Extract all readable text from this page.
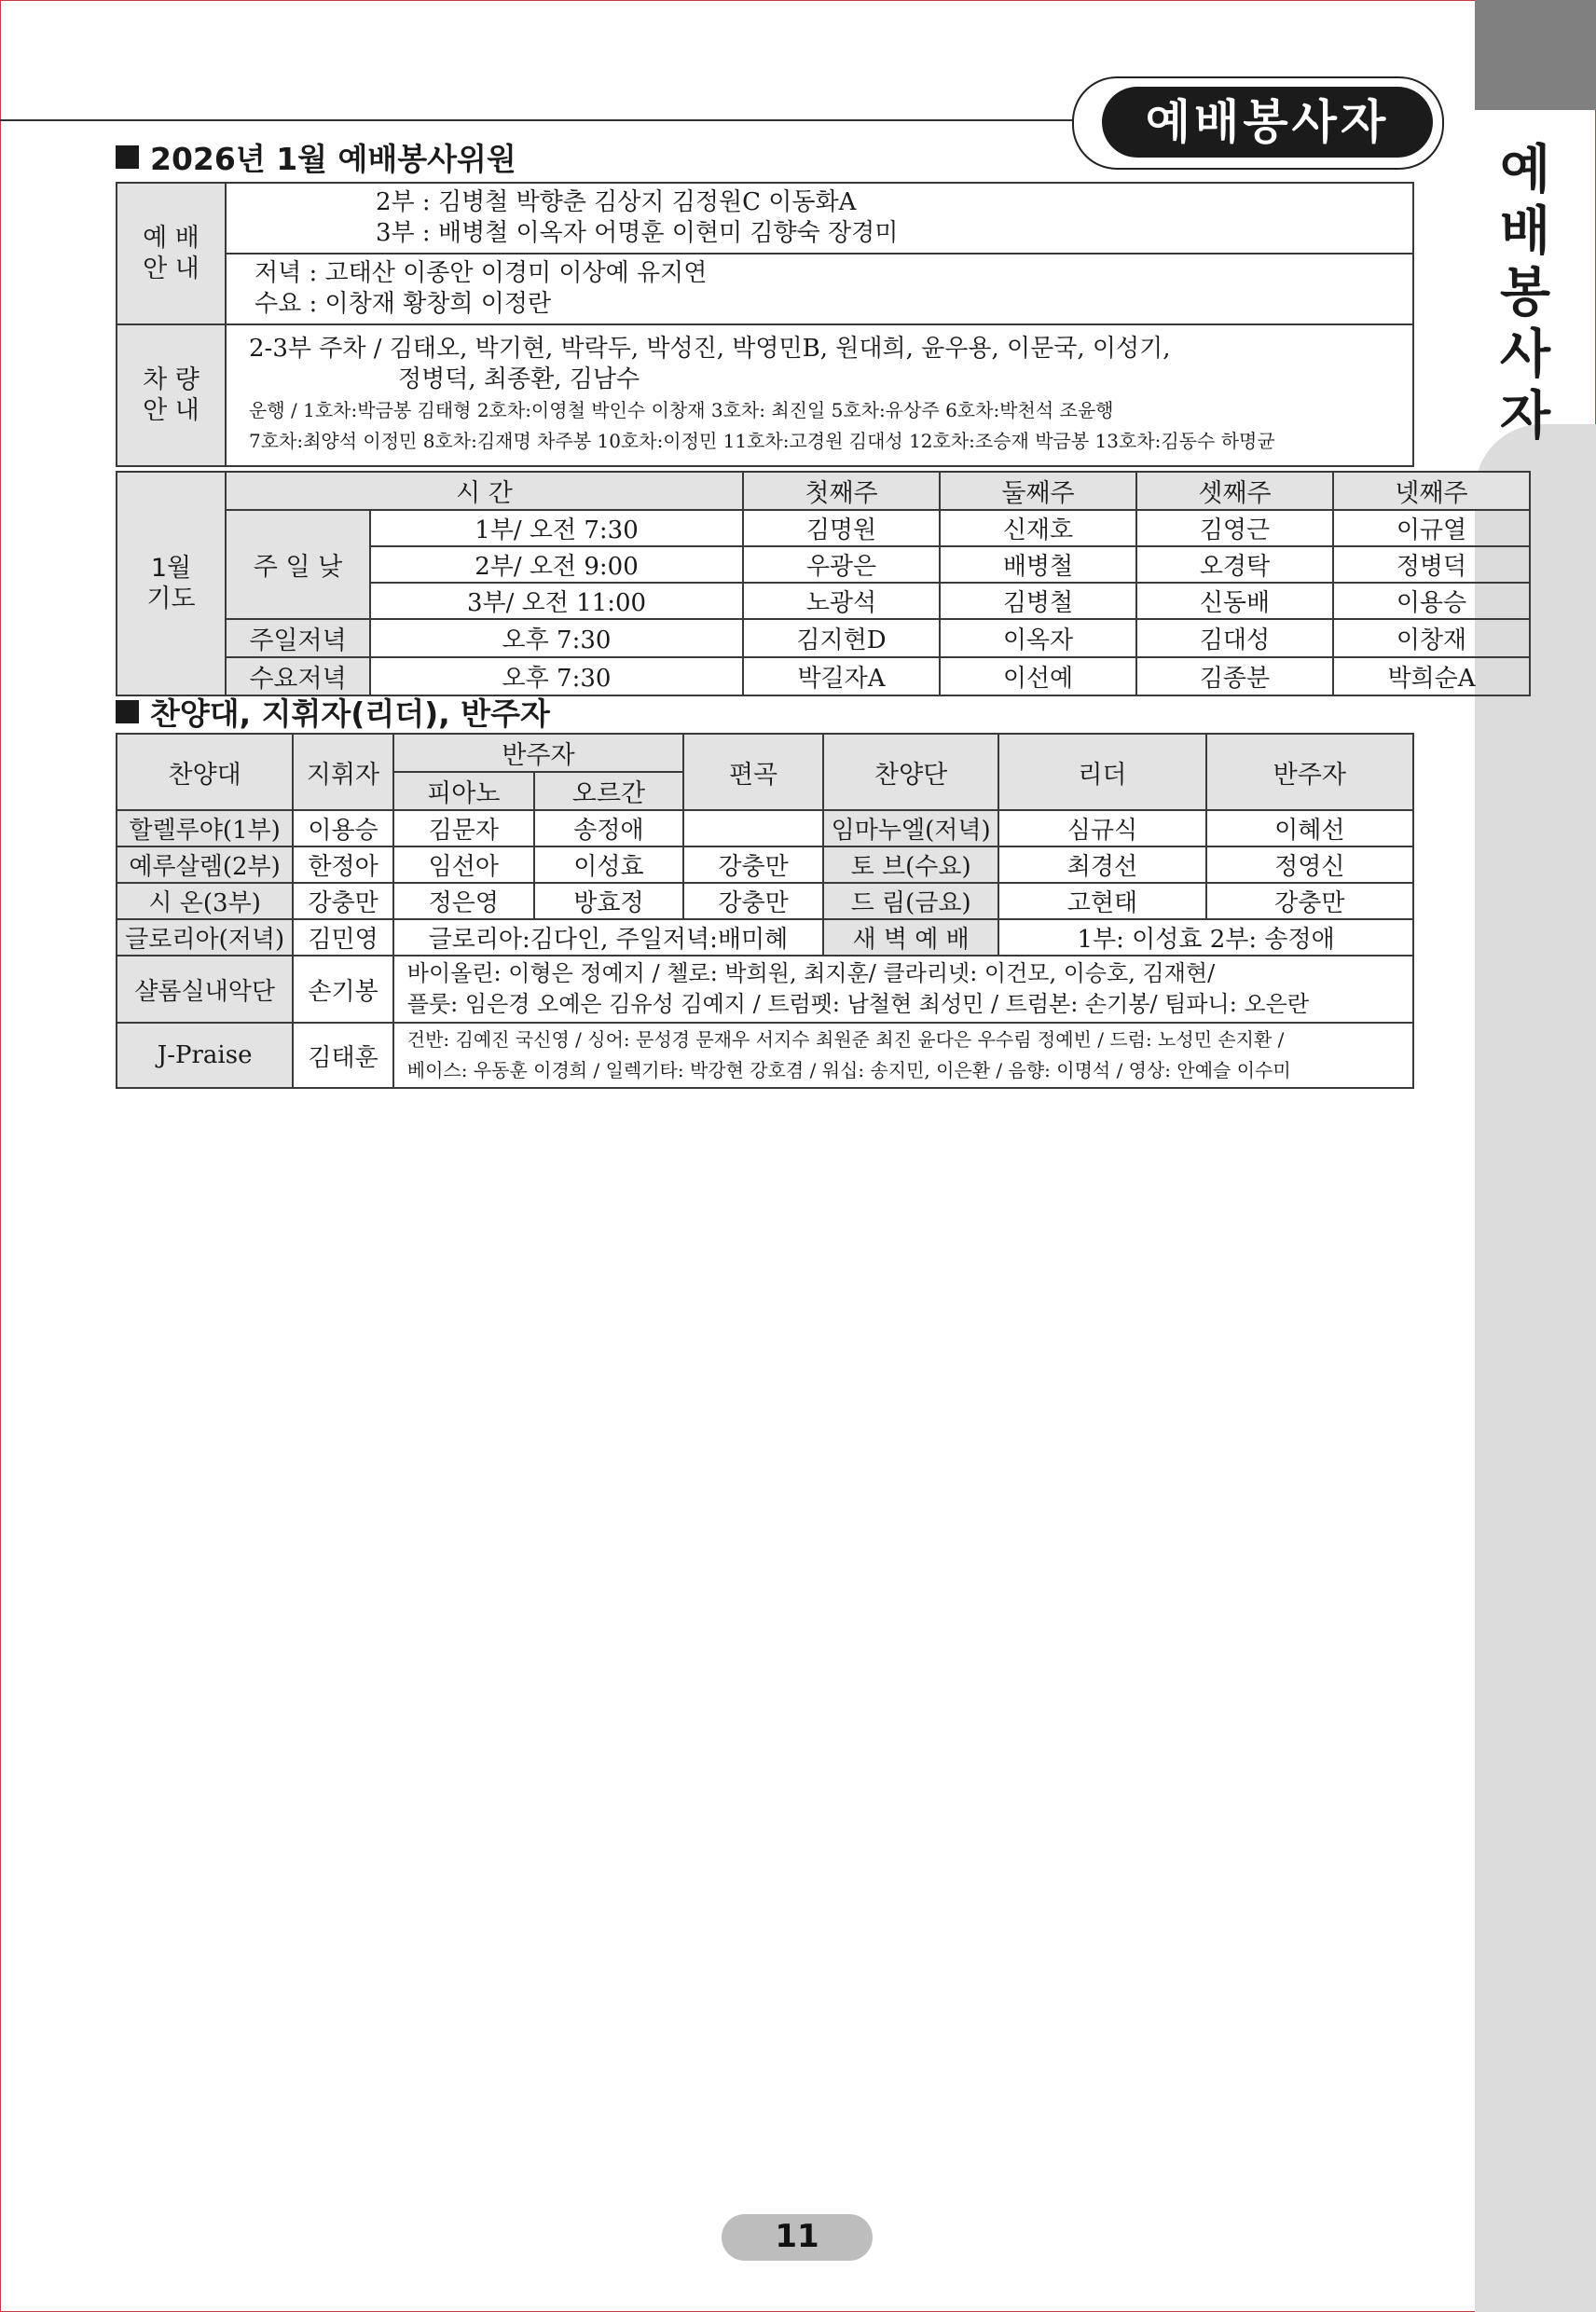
예
배
봉
사
자
예배봉사자
2026년 1월 예배봉사위원
예 배
안 내	2부 : 김병철 박향춘 김상지 김정원C 이동화A
3부 : 배병철 이옥자 어명훈 이현미 김향숙 장경미

	저녁 : 고태산 이종안 이경미 이상예 유지연
수요 : 이창재 황창희 이정란

차 량
안 내	2-3부 주차 / 김태오, 박기현, 박락두, 박성진, 박영민B, 원대희, 윤우용, 이문국, 이성기,
정병덕, 최종환, 김남수
운행 / 1호차:박금봉 김태형 2호차:이영철 박인수 이창재 3호차: 최진일 5호차:유상주 6호차:박천석 조윤행
7호차:최양석 이정민 8호차:김재명 차주봉 10호차:이정민 11호차:고경원 김대성 12호차:조승재 박금봉 13호차:김동수 하명균
1월
기도	시 간		첫째주	둘째주	셋째주	넷째주
	주 일 낮	1부/ 오전 7:30	김명원	신재호	김영근	이규열
		2부/ 오전 9:00	우광은	배병철	오경탁	정병덕
		3부/ 오전 11:00	노광석	김병철	신동배	이용승
	주일저녁	오후 7:30	김지현D	이옥자	김대성	이창재
	수요저녁	오후 7:30	박길자A	이선예	김종분	박희순A
찬양대, 지휘자(리더), 반주자
찬양대	지휘자	반주자		편곡	찬양단	리더	반주자
		피아노	오르간				
할렐루야(1부)	이용승	김문자	송정애		임마누엘(저녁)	심규식	이혜선
예루살렘(2부)	한정아	임선아	이성효	강충만	토 브(수요)	최경선	정영신
시 온(3부)	강충만	정은영	방효정	강충만	드 림(금요)	고현태	강충만
글로리아(저녁)	김민영	글로리아:김다인, 주일저녁:배미혜			새 벽 예 배	1부: 이성효 2부: 송정애	
샬롬실내악단	손기봉	바이올린: 이형은 정예지 / 첼로: 박희원, 최지훈/ 클라리넷: 이건모, 이승호, 김재현/
플룻: 임은경 오예은 김유성 김예지 / 트럼펫: 남철현 최성민 / 트럼본: 손기봉/ 팀파니: 오은란					

J-Praise	김태훈	건반: 김예진 국신영 / 싱어: 문성경 문재우 서지수 최원준 최진 윤다은 우수림 정예빈 / 드럼: 노성민 손지환 /
베이스: 우동훈 이경희 / 일렉기타: 박강현 강호겸 / 워십: 송지민, 이은환 / 음향: 이명석 / 영상: 안예슬 이수미					
11
